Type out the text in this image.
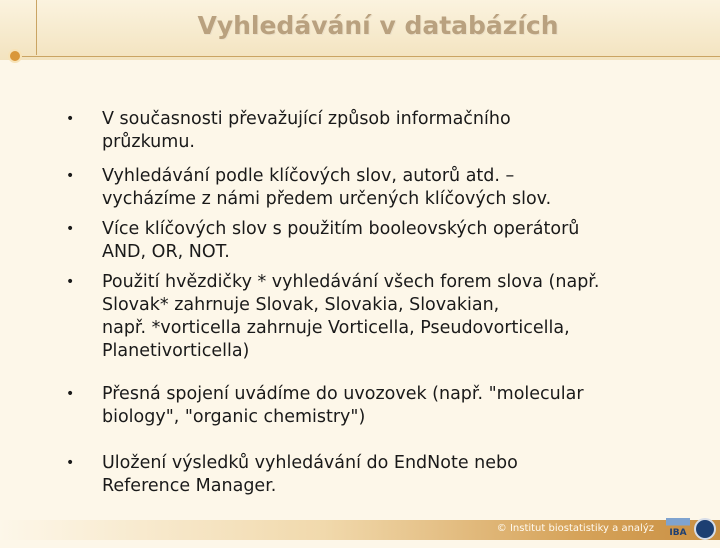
Vyhledávání v databázích
•	V současnosti převažující způsob informačního
průzkumu.
•	Vyhledávání podle klíčových slov, autorů atd. –
vycházíme z námi předem určených klíčových slov.
•	Více klíčových slov s použitím booleovských operátorů
AND, OR, NOT.
•	Použití hvězdičky * vyhledávání všech forem slova (např.
Slovak* zahrnuje Slovak, Slovakia, Slovakian,
např. *vorticella zahrnuje Vorticella, Pseudovorticella,
Planetivorticella)
•	Přesná spojení uvádíme do uvozovek (např. "molecular
biology", "organic chemistry")
•	Uložení výsledků vyhledávání do EndNote nebo
Reference Manager.
© Institut biostatistiky a analýz	IBA
